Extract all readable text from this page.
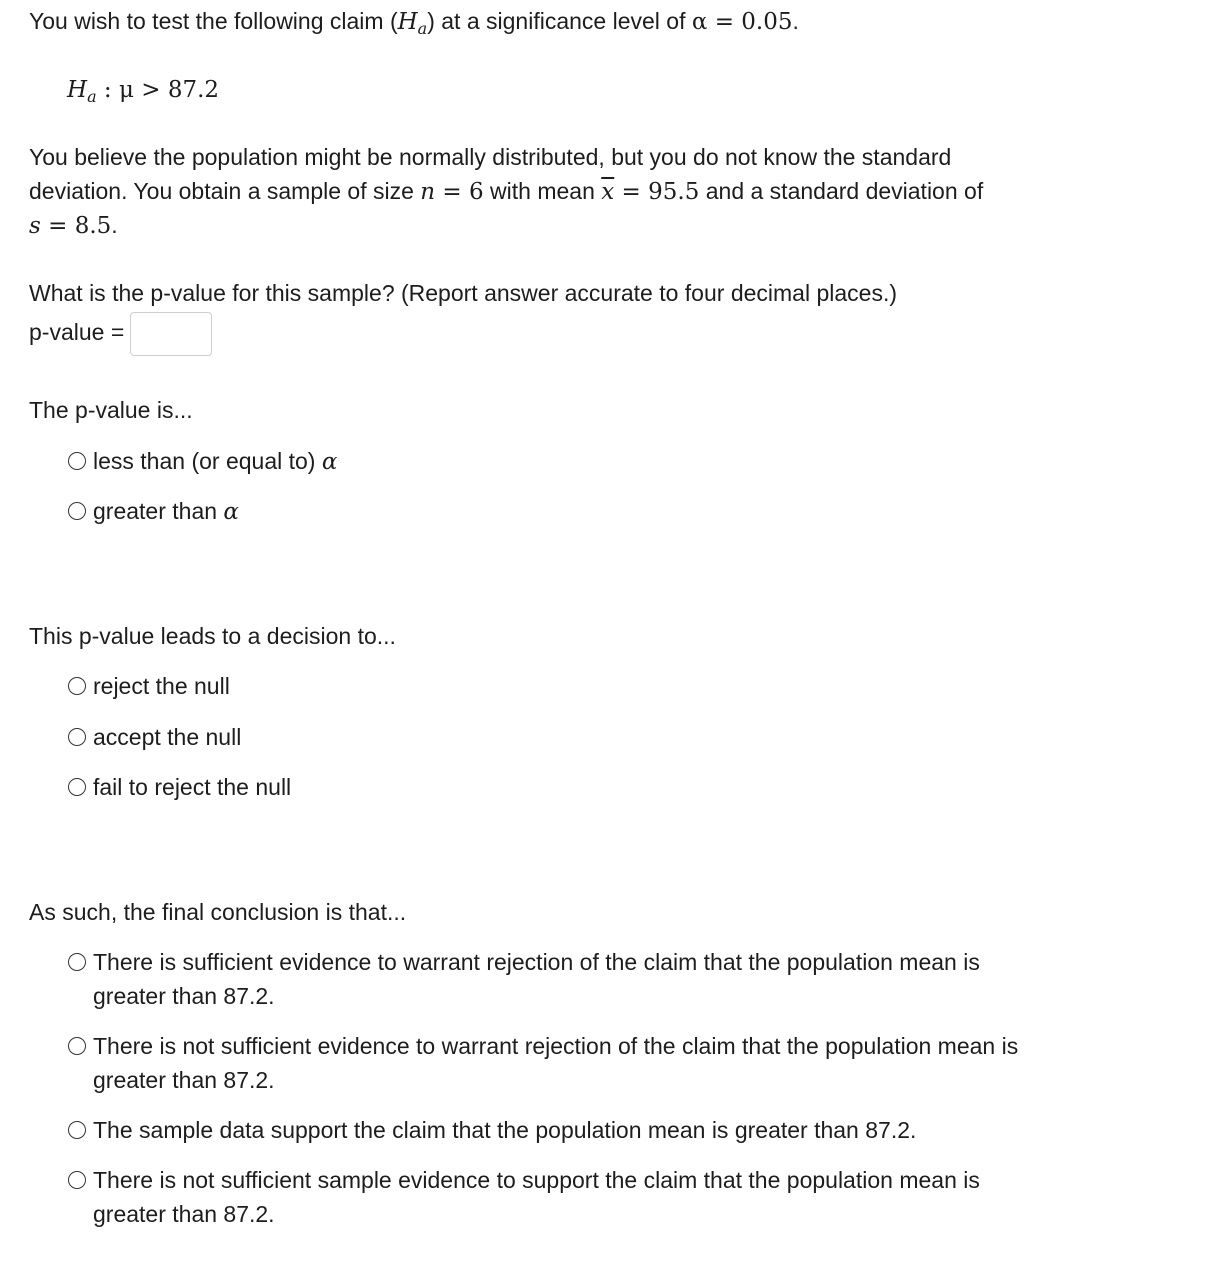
You wish to test the following claim $(H_a)$ at a significance level of α = 0.05.
$H_a$ : μ > 87.2
You believe the population might be normally distributed, but you do not know the standard
deviation. You obtain a sample of size n = 6 with mean $\overline{x} = 95.5$ and a standard deviation of
s = 8.5.
What is the p-value for this sample? (Report answer accurate to four decimal places.)
p-value =
The p-value is...
less than (or equal to) α
greater than α
This p-value leads to a decision to...
reject the null
accept the null
fail to reject the null
As such, the final conclusion is that...
There is sufficient evidence to warrant rejection of the claim that the population mean is
greater than 87.2.
There is not sufficient evidence to warrant rejection of the claim that the population mean is
greater than 87.2.
The sample data support the claim that the population mean is greater than 87.2.
There is not sufficient sample evidence to support the claim that the population mean is
greater than 87.2.
